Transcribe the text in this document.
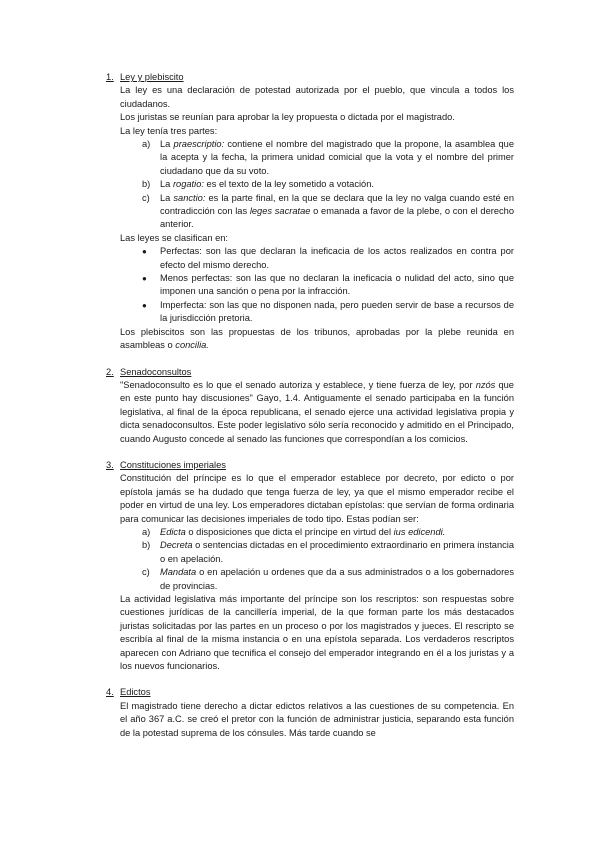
1. Ley y plebiscito

La ley es una declaración de potestad autorizada por el pueblo, que vincula a todos los ciudadanos.

Los juristas se reunían para aprobar la ley propuesta o dictada por el magistrado.

La ley tenía tres partes:

a) La praescriptio: contiene el nombre del magistrado que la propone, la asamblea que la acepta y la fecha, la primera unidad comicial que la vota y el nombre del primer ciudadano que da su voto.
b) La rogatio: es el texto de la ley sometido a votación.
c) La sanctio: es la parte final, en la que se declara que la ley no valga cuando esté en contradicción con las leges sacratae o emanada a favor de la plebe, o con el derecho anterior.

Las leyes se clasifican en:

● Perfectas: son las que declaran la ineficacia de los actos realizados en contra por efecto del mismo derecho.
● Menos perfectas: son las que no declaran la ineficacia o nulidad del acto, sino que imponen una sanción o pena por la infracción.
● Imperfecta: son las que no disponen nada, pero pueden servir de base a recursos de la jurisdicción pretoria.

Los plebiscitos son las propuestas de los tribunos, aprobadas por la plebe reunida en asambleas o concilia.

2. Senadoconsultos

"Senadoconsulto es lo que el senado autoriza y establece, y tiene fuerza de ley, por nzós que en este punto hay discusiones" Gayo, 1.4. Antiguamente el senado participaba en la función legislativa, al final de la época republicana, el senado ejerce una actividad legislativa propia y dicta senadoconsultos. Este poder legislativo sólo sería reconocido y admitido en el Principado, cuando Augusto concede al senado las funciones que correspondían a los comicios.

3. Constituciones imperiales

Constitución del príncipe es lo que el emperador establece por decreto, por edicto o por epístola jamás se ha dudado que tenga fuerza de ley, ya que el mismo emperador recibe el poder en virtud de una ley. Los emperadores dictaban epístolas: que servían de forma ordinaria para comunicar las decisiones imperiales de todo tipo. Estas podían ser:

a) Edicta o disposiciones que dicta el príncipe en virtud del ius edicendi.
b) Decreta o sentencias dictadas en el procedimiento extraordinario en primera instancia o en apelación.
c) Mandata o en apelación u ordenes que da a sus administrados o a los gobernadores de provincias.

La actividad legislativa más importante del príncipe son los rescriptos: son respuestas sobre cuestiones jurídicas de la cancillería imperial, de la que forman parte los más destacados juristas solicitadas por las partes en un proceso o por los magistrados y jueces. El rescripto se escribía al final de la misma instancia o en una epístola separada. Los verdaderos rescriptos aparecen con Adriano que tecnifica el consejo del emperador integrando en él a los juristas y a los nuevos funcionarios.

4. Edictos

El magistrado tiene derecho a dictar edictos relativos a las cuestiones de su competencia. En el año 367 a.C. se creó el pretor con la función de administrar justicia, separando esta función de la potestad suprema de los cónsules. Más tarde cuando se
